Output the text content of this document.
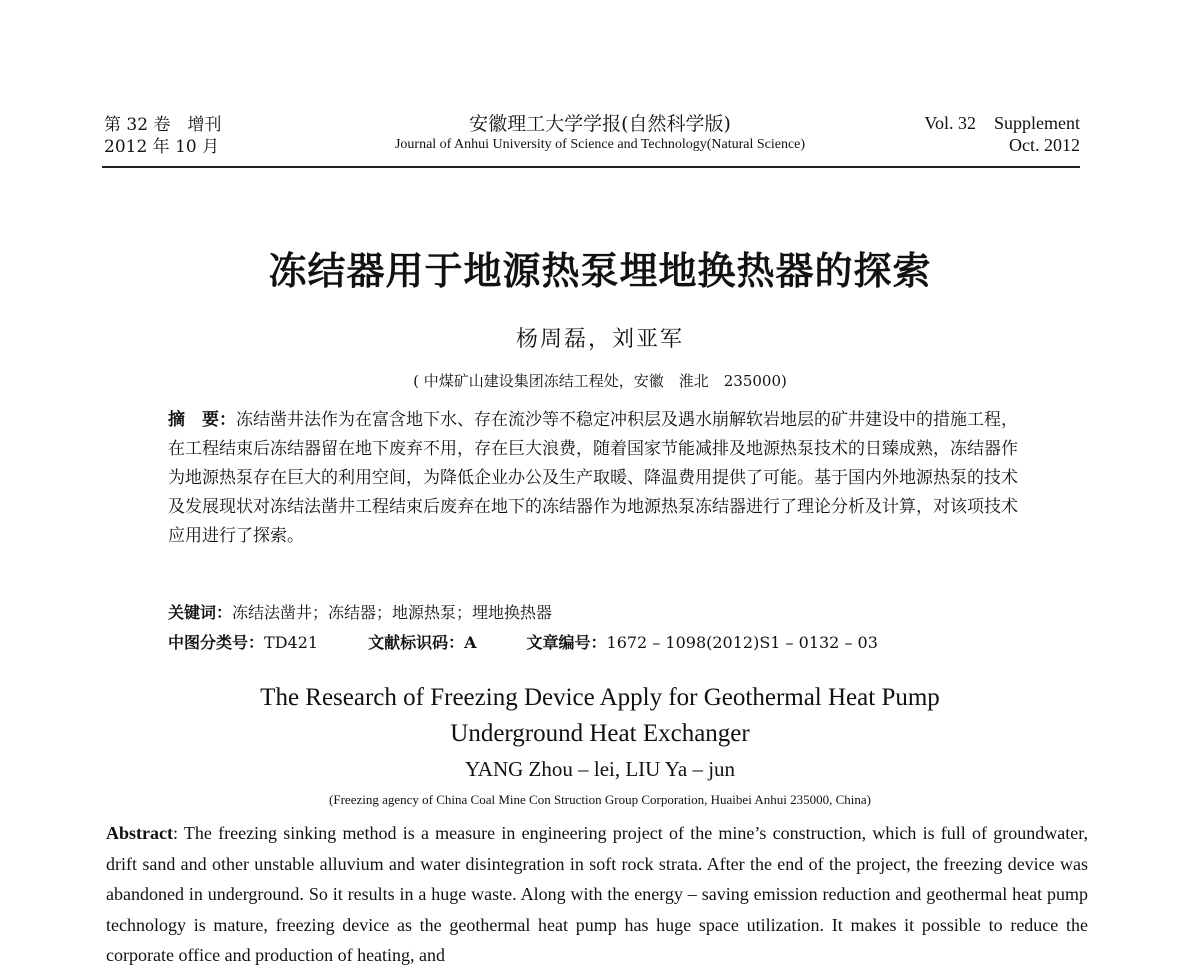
第 32 卷　增刊
2012 年 10 月
安徽理工大学学报(自然科学版)
Journal of Anhui University of Science and Technology(Natural Science)
Vol. 32 Supplement
Oct. 2012
冻结器用于地源热泵埋地换热器的探索
杨周磊，刘亚军
( 中煤矿山建设集团冻结工程处，安徽　淮北　235000)
摘　要：冻结凿井法作为在富含地下水、存在流沙等不稳定冲积层及遇水崩解软岩地层的矿井建设中的措施工程，在工程结束后冻结器留在地下废弃不用，存在巨大浪费，随着国家节能减排及地源热泵技术的日臻成熟，冻结器作为地源热泵存在巨大的利用空间，为降低企业办公及生产取暖、降温费用提供了可能。基于国内外地源热泵的技术及发展现状对冻结法凿井工程结束后废弃在地下的冻结器作为地源热泵冻结器进行了理论分析及计算，对该项技术应用进行了探索。
关键词：冻结法凿井；冻结器；地源热泵；埋地换热器
中图分类号：TD421	文献标识码：A	文章编号：1672 – 1098(2012)S1 – 0132 – 03
The Research of Freezing Device Apply for Geothermal Heat Pump
Underground Heat Exchanger
YANG Zhou – lei, LIU Ya – jun
(Freezing agency of China Coal Mine Con Struction Group Corporation, Huaibei Anhui 235000, China)
Abstract: The freezing sinking method is a measure in engineering project of the mine’s construction, which is full of groundwater, drift sand and other unstable alluvium and water disintegration in soft rock strata. After the end of the project, the freezing device was abandoned in underground. So it results in a huge waste. Along with the energy – saving emission reduction and geothermal heat pump technology is mature, freezing device as the geothermal heat pump has huge space utilization. It makes it possible to reduce the corporate office and production of heating, and
